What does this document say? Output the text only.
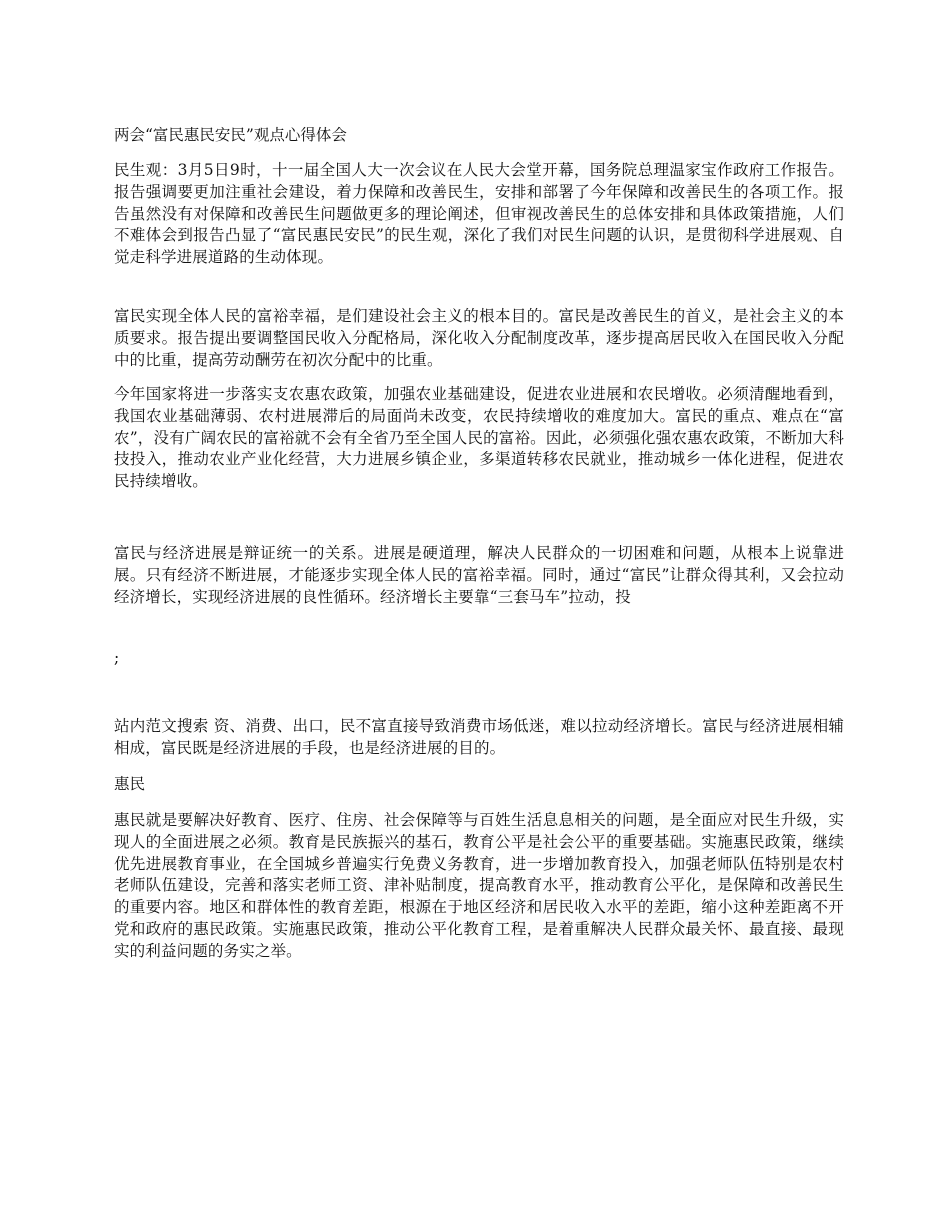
两会“富民惠民安民”观点心得体会

民生观：3月5日9时，十一届全国人大一次会议在人民大会堂开幕，国务院总理温家宝作政府工作报告。报告强调要更加注重社会建设，着力保障和改善民生，安排和部署了今年保障和改善民生的各项工作。报告虽然没有对保障和改善民生问题做更多的理论阐述，但审视改善民生的总体安排和具体政策措施，人们不难体会到报告凸显了“富民惠民安民”的民生观，深化了我们对民生问题的认识，是贯彻科学进展观、自觉走科学进展道路的生动体现。

富民实现全体人民的富裕幸福，是们建设社会主义的根本目的。富民是改善民生的首义，是社会主义的本质要求。报告提出要调整国民收入分配格局，深化收入分配制度改革，逐步提高居民收入在国民收入分配中的比重，提高劳动酬劳在初次分配中的比重。

今年国家将进一步落实支农惠农政策，加强农业基础建设，促进农业进展和农民增收。必须清醒地看到，我国农业基础薄弱、农村进展滞后的局面尚未改变，农民持续增收的难度加大。富民的重点、难点在“富农”，没有广阔农民的富裕就不会有全省乃至全国人民的富裕。因此，必须强化强农惠农政策，不断加大科技投入，推动农业产业化经营，大力进展乡镇企业，多渠道转移农民就业，推动城乡一体化进程，促进农民持续增收。

富民与经济进展是辩证统一的关系。进展是硬道理，解决人民群众的一切困难和问题，从根本上说靠进展。只有经济不断进展，才能逐步实现全体人民的富裕幸福。同时，通过“富民”让群众得其利，又会拉动经济增长，实现经济进展的良性循环。经济增长主要靠“三套马车”拉动，投

;

站内范文搜索 资、消费、出口，民不富直接导致消费市场低迷，难以拉动经济增长。富民与经济进展相辅相成，富民既是经济进展的手段，也是经济进展的目的。

惠民

惠民就是要解决好教育、医疗、住房、社会保障等与百姓生活息息相关的问题，是全面应对民生升级，实现人的全面进展之必须。教育是民族振兴的基石，教育公平是社会公平的重要基础。实施惠民政策，继续优先进展教育事业，在全国城乡普遍实行免费义务教育，进一步增加教育投入，加强老师队伍特别是农村老师队伍建设，完善和落实老师工资、津补贴制度，提高教育水平，推动教育公平化，是保障和改善民生的重要内容。地区和群体性的教育差距，根源在于地区经济和居民收入水平的差距，缩小这种差距离不开党和政府的惠民政策。实施惠民政策，推动公平化教育工程，是着重解决人民群众最关怀、最直接、最现实的利益问题的务实之举。
